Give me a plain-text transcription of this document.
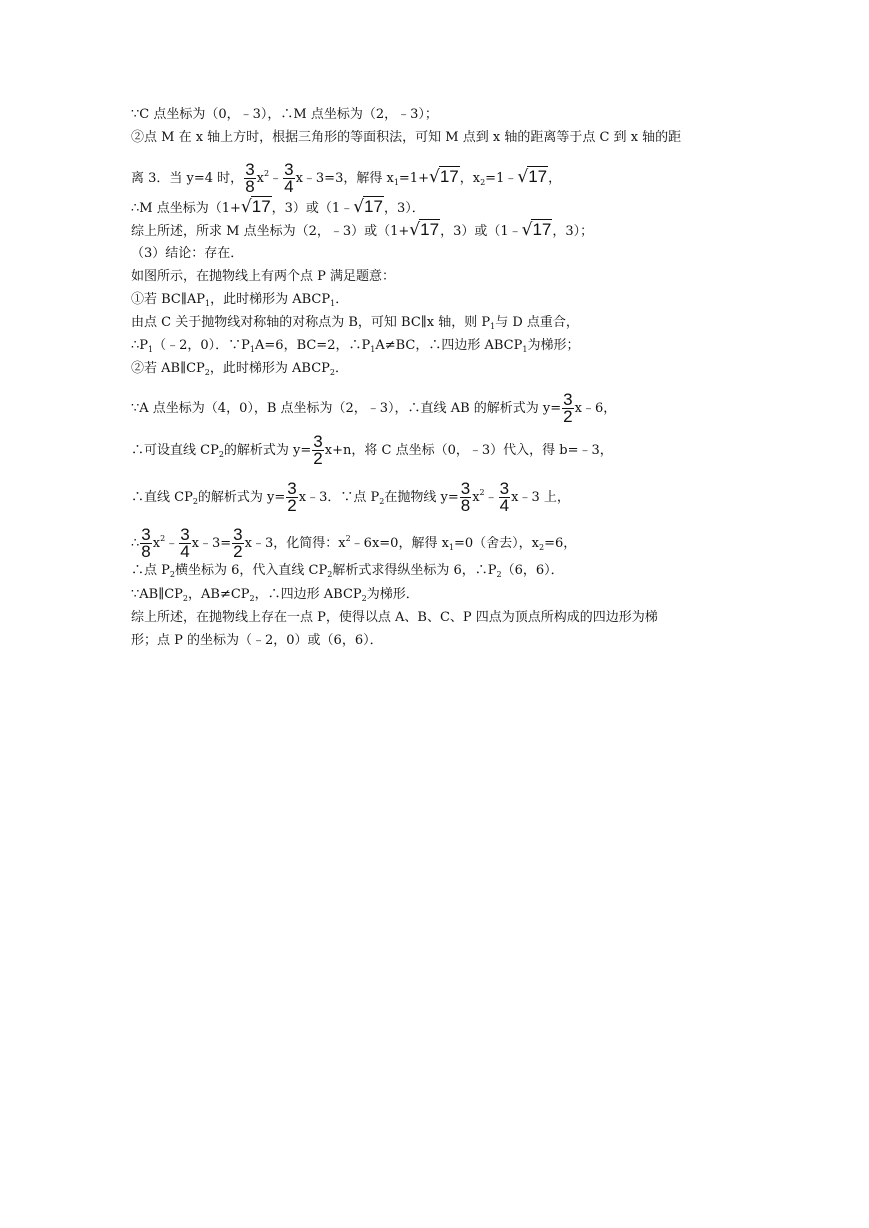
∵C 点坐标为（0，﹣3），∴M 点坐标为（2，﹣3）；
②点 M 在 x 轴上方时，根据三角形的等面积法，可知 M 点到 x 轴的距离等于点 C 到 x 轴的距
离 3．当 y=4 时， $\frac{3}{8}$ $x^2﹣ \frac{3}{4}$ x﹣3=3，解得 $x_1=1+√17$，$x_2=1﹣√17$，
∴M 点坐标为（1+√17，3）或（1﹣√17，3）．
综上所述，所求 M 点坐标为（2，﹣3）或（1+√17，3）或（1﹣√17，3）；
（3）结论：存在．
如图所示，在抛物线上有两个点 P 满足题意：
①若 $BC\parallel AP_1$，此时梯形为 $ABCP_1$．
由点 C 关于抛物线对称轴的对称点为 B，可知 BC∥x 轴，则 $P_1$与 D 点重合，
$\therefore P_1(﹣2$，0）．$\because P_1A=6$，BC=2，$\therefore P_1A\ne BC$，∴四边形 $ABCP_1$为梯形；
②若 $AB\parallel CP_2$，此时梯形为 $ABCP_2$．
∵A 点坐标为（4，0），B 点坐标为（2，﹣3），∴直线 AB 的解析式为 $y= \frac{3}{2}$ x﹣6，
∴可设直线 $CP_2$的解析式为 $y= \frac{3}{2} x+n$，将 C 点坐标（0，﹣3）代入，得 b=﹣3，
∴直线 $CP_2$的解析式为 $y= \frac{3}{2}$ x﹣3．∵点 $P_2$在抛物线 $y= \frac{3}{8}$ $x^2﹣ \frac{3}{4}$ x﹣3 上，
∴ $\frac{3}{8}$ $x^2﹣ \frac{3}{4}$ x﹣3= $\frac{3}{2}$ x﹣3，化简得：$x^2﹣6x=0$，解得 $x_1=0$（舍去），$x_2=6$，
∴点 $P_2$横坐标为 6，代入直线 $CP_2$解析式求得纵坐标为 6，$\therefore P_2(6$，6）．
$\because AB\parallel CP_2$，$AB\ne CP_2$，∴四边形 $ABCP_2$为梯形．
综上所述，在抛物线上存在一点 P，使得以点 A、B、C、P 四点为顶点所构成的四边形为梯
形；点 P 的坐标为（﹣2，0）或（6，6）．
